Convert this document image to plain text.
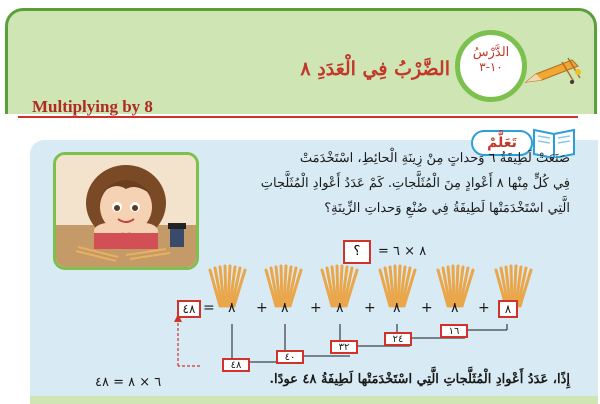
الدَّرْسُ
١٠-٣
الضَّرْبُ فِي الْعَدَدِ ٨
Multiplying by 8
تَعَلَّمْ
صَنَعَتْ لَطِيفَةُ ٦ وَحداتٍ مِنْ زِينَةِ الْحائِطِ، اسْتَخْدَمَتْ
فِي كُلٍّ مِنْها ٨ أَعْوادٍ مِنَ الْمُثَلَّجاتِ. كَمْ عَدَدُ أَعْوادِ الْمُثَلَّجاتِ
الَّتِي اسْتَخْدَمَتْها لَطِيفَةُ فِي صُنْعِ وَحداتِ الزِّينَةِ؟
؟	= ٨ × ٦
٤٨ = ٨ + ٨ + ٨ + ٨ + ٨ +	٨
١٦
٢٤
٣٢
٤٠
٤٨
إِذًا، عَدَدُ أَعْوادِ الْمُثَلَّجاتِ الَّتِي اسْتَخْدَمَتْها لَطِيفَةُ ٤٨ عودًا.
٦ × ٨ = ٤٨
